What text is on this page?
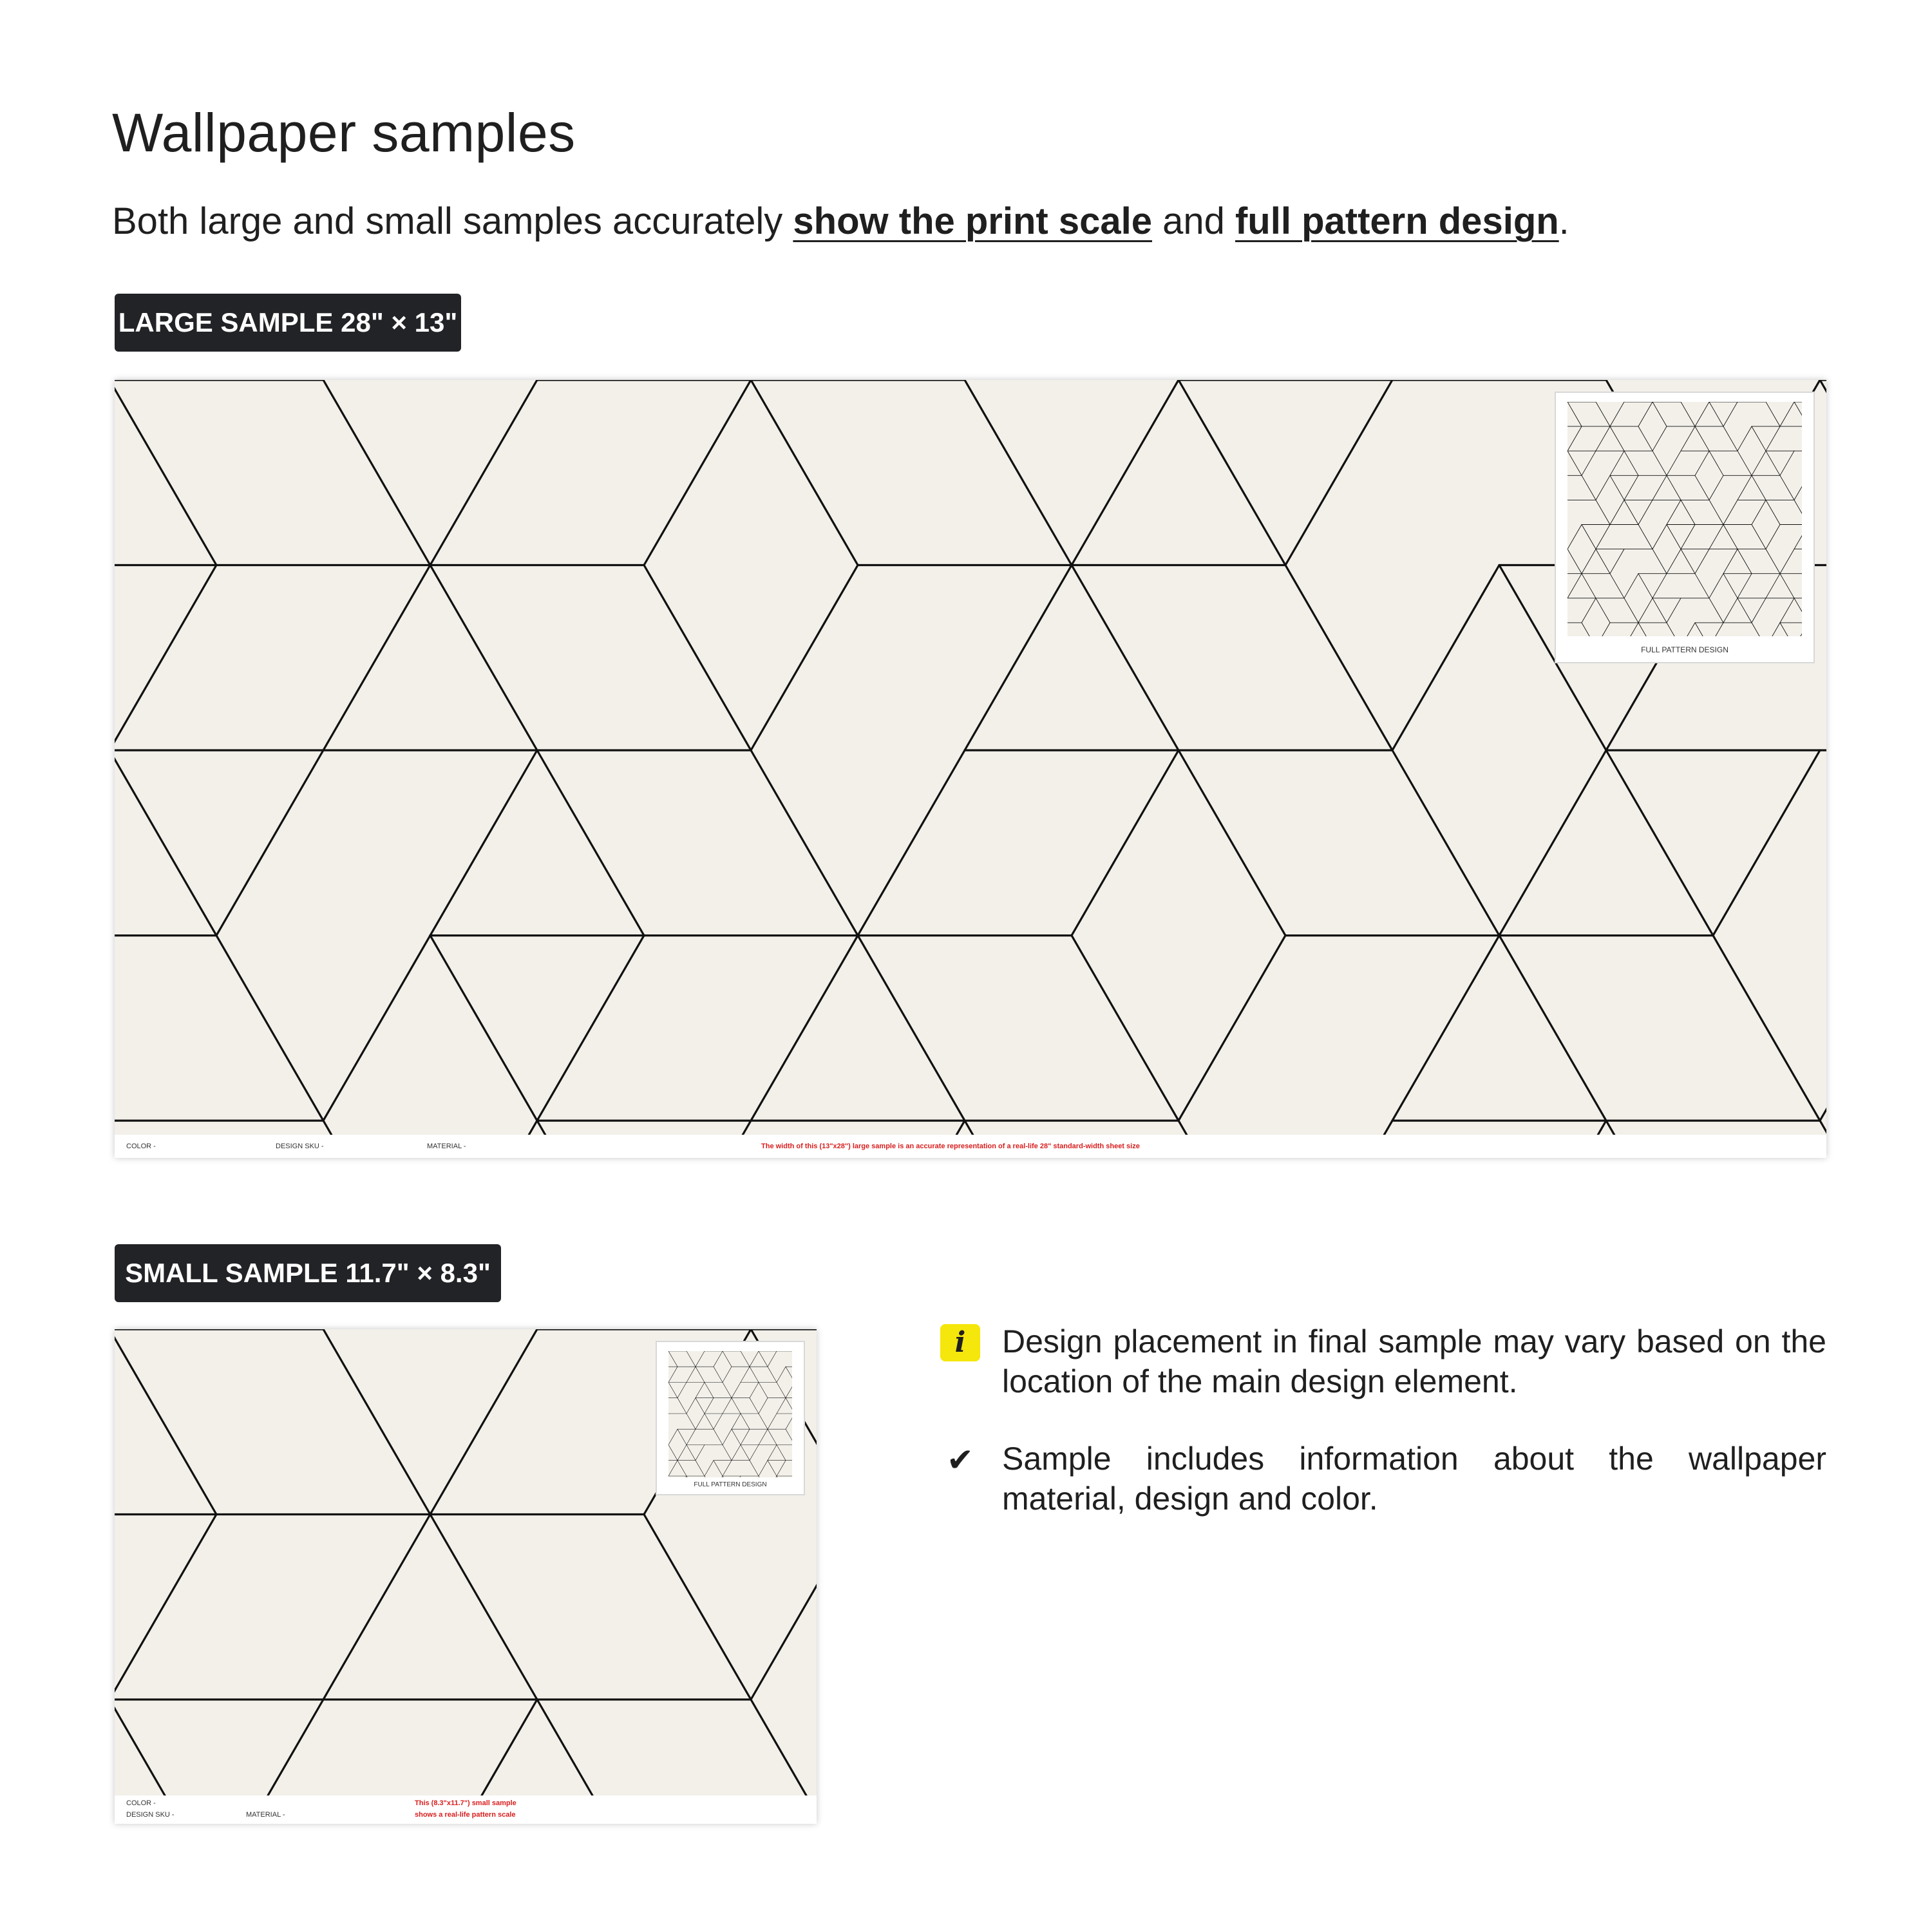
Wallpaper samples

Both large and small samples accurately show the print scale and full pattern design.

LARGE SAMPLE 28" × 13"
FULL PATTERN DESIGN
COLOR -	DESIGN SKU -	MATERIAL -	The width of this (13"x28") large sample is an accurate representation of a real-life 28" standard-width sheet size
SMALL SAMPLE 11.7" × 8.3"
FULL PATTERN DESIGN
COLOR -
DESIGN SKU -	MATERIAL -
This (8.3"x11.7") small sample
shows a real-life pattern scale
i	Design placement in final sample may vary based on the location of the main design element.
✔ Sample includes information about the wallpaper material, design and color.
